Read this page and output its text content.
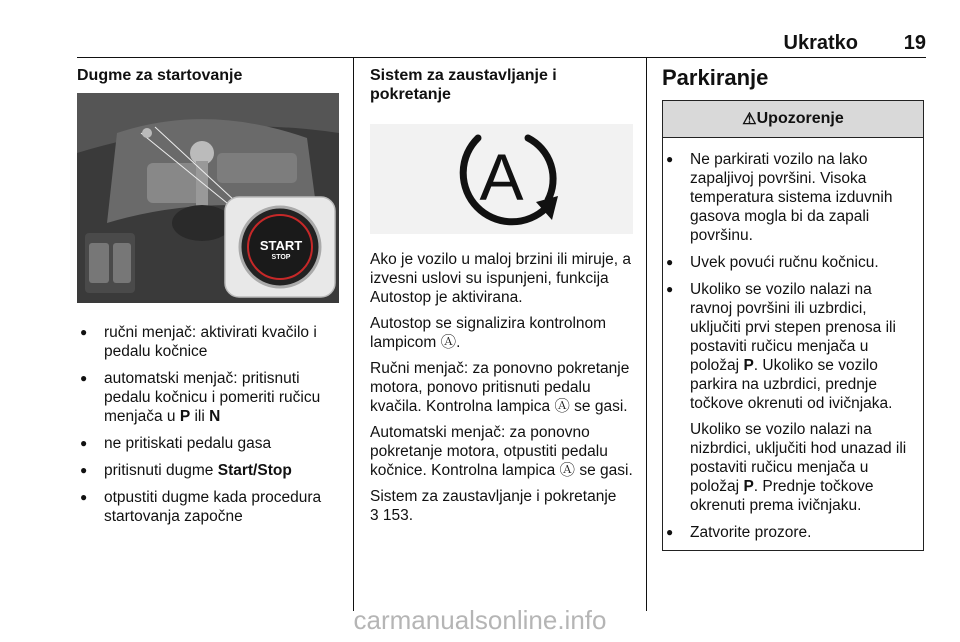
Ukratko 19
Dugme za startovanje
START
STOP
● ručni menjač: aktivirati kvačilo i pedalu kočnice
● automatski menjač: pritisnuti pedalu kočnicu i pomeriti ručicu menjača u P ili N
● ne pritiskati pedalu gasa
● pritisnuti dugme Start/Stop
● otpustiti dugme kada procedura startovanja započne
Sistem za zaustavljanje i pokretanje
A

Ako je vozilo u maloj brzini ili miruje, a izvesni uslovi su ispunjeni, funkcija Autostop je aktivirana.

Autostop se signalizira kontrolnom lampicom Ⓐ.

Ručni menjač: za ponovno pokretanje motora, ponovo pritisnuti pedalu kvačila. Kontrolna lampica Ⓐ se gasi.

Automatski menjač: za ponovno pokretanje motora, otpustiti pedalu kočnice. Kontrolna lampica Ⓐ se gasi.

Sistem za zaustavljanje i pokretanje
3 153.

Parkiranje
⚠ Upozorenje
● Ne parkirati vozilo na lako zapaljivoj površini. Visoka temperatura sistema izduvnih gasova mogla bi da zapali površinu.
● Uvek povući ručnu kočnicu.
● Ukoliko se vozilo nalazi na ravnoj površini ili uzbrdici, uključiti prvi stepen prenosa ili postaviti ručicu menjača u položaj P. Ukoliko se vozilo parkira na uzbrdici, prednje točkove okrenuti od ivičnjaka.
Ukoliko se vozilo nalazi na nizbrdici, uključiti hod unazad ili postaviti ručicu menjača u položaj P. Prednje točkove okrenuti prema ivičnjaku.
● Zatvorite prozore.
carmanualsonline.info
